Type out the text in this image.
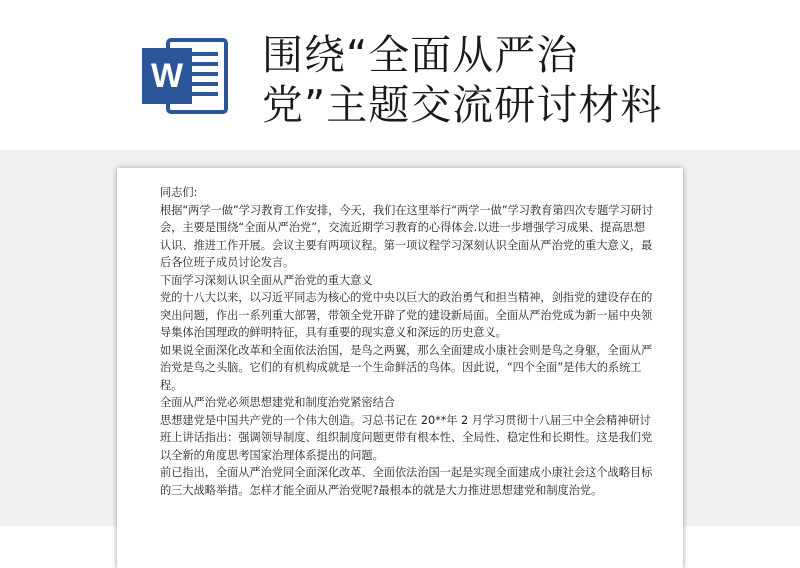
W 围绕“全面从严治党”主题交流研讨材料

同志们:

根据“两学一做”学习教育工作安排，今天，我们在这里举行“两学一做”学习教育第四次专题学习研讨会，主要是围绕“全面从严治党”，交流近期学习教育的心得体会.以进一步增强学习成果、提高思想认识、推进工作开展。会议主要有两项议程。第一项议程学习深刻认识全面从严治党的重大意义，最后各位班子成员讨论发言。

下面学习深刻认识全面从严治党的重大意义

党的十八大以来，以习近平同志为核心的党中央以巨大的政治勇气和担当精神，剑指党的建设存在的突出问题，作出一系列重大部署，带领全党开辟了党的建设新局面。全面从严治党成为新一届中央领导集体治国理政的鲜明特征，具有重要的现实意义和深远的历史意义。

如果说全面深化改革和全面依法治国，是鸟之两翼，那么全面建成小康社会则是鸟之身躯，全面从严治党是鸟之头脑。它们的有机构成就是一个生命鲜活的鸟体。因此说，“四个全面”是伟大的系统工程。

全面从严治党必须思想建党和制度治党紧密结合

思想建党是中国共产党的一个伟大创造。习总书记在 20**年 2 月学习贯彻十八届三中全会精神研讨班上讲话指出：强调领导制度、组织制度问题更带有根本性、全局性、稳定性和长期性。这是我们党以全新的角度思考国家治理体系提出的问题。

前已指出，全面从严治党同全面深化改革、全面依法治国一起是实现全面建成小康社会这个战略目标的三大战略举措。怎样才能全面从严治党呢?最根本的就是大力推进思想建党和制度治党。
